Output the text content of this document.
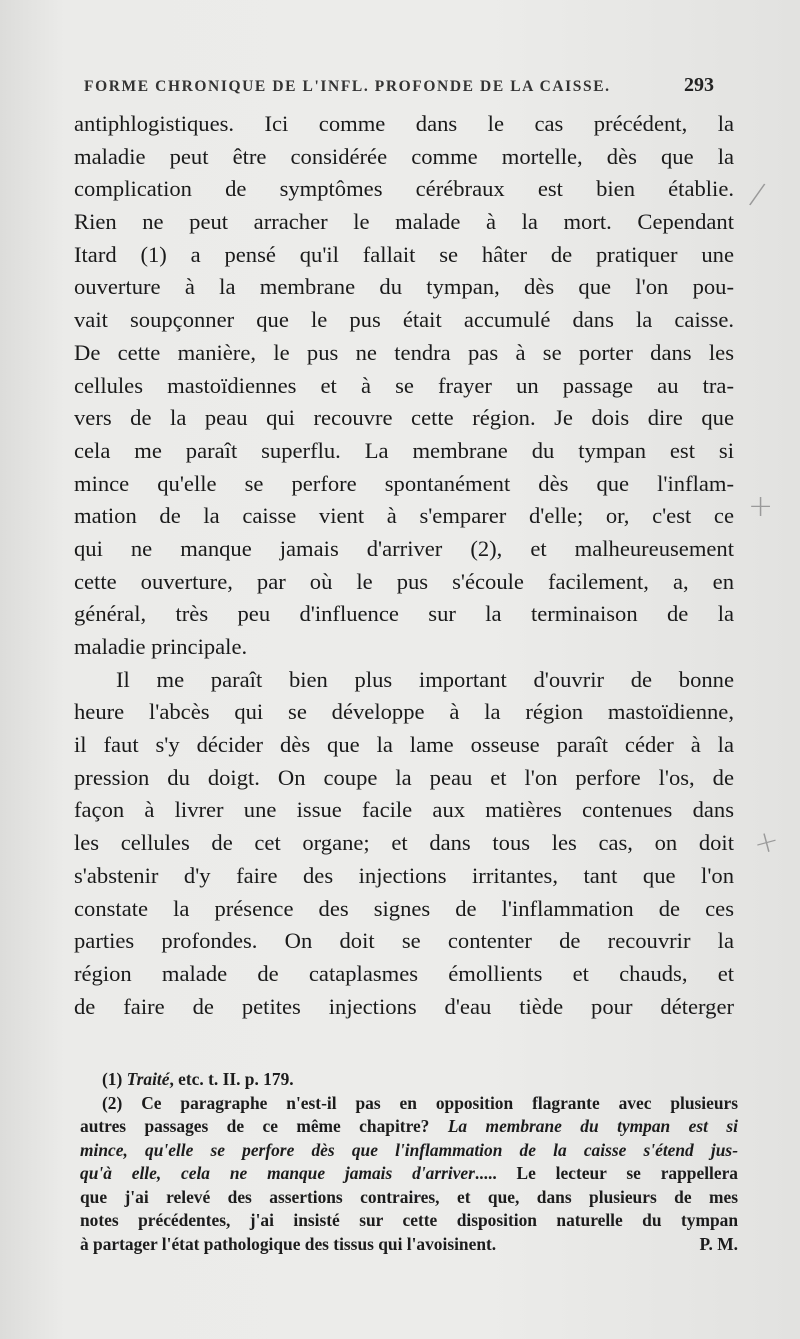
FORME CHRONIQUE DE L'INFL. PROFONDE DE LA CAISSE.	293
antiphlogistiques. Ici comme dans le cas précédent, la
maladie peut être considérée comme mortelle, dès que la
complication de symptômes cérébraux est bien établie.
Rien ne peut arracher le malade à la mort. Cependant
Itard (1) a pensé qu'il fallait se hâter de pratiquer une
ouverture à la membrane du tympan, dès que l'on pou-
vait soupçonner que le pus était accumulé dans la caisse.
De cette manière, le pus ne tendra pas à se porter dans les
cellules mastoïdiennes et à se frayer un passage au tra-
vers de la peau qui recouvre cette région. Je dois dire que
cela me paraît superflu. La membrane du tympan est si
mince qu'elle se perfore spontanément dès que l'inflam-
mation de la caisse vient à s'emparer d'elle; or, c'est ce
qui ne manque jamais d'arriver (2), et malheureusement
cette ouverture, par où le pus s'écoule facilement, a, en
général, très peu d'influence sur la terminaison de la
maladie principale.
Il me paraît bien plus important d'ouvrir de bonne
heure l'abcès qui se développe à la région mastoïdienne,
il faut s'y décider dès que la lame osseuse paraît céder à la
pression du doigt. On coupe la peau et l'on perfore l'os, de
façon à livrer une issue facile aux matières contenues dans
les cellules de cet organe; et dans tous les cas, on doit
s'abstenir d'y faire des injections irritantes, tant que l'on
constate la présence des signes de l'inflammation de ces
parties profondes. On doit se contenter de recouvrir la
région malade de cataplasmes émollients et chauds, et
de faire de petites injections d'eau tiède pour déterger
(1) Traité, etc. t. II. p. 179.
(2) Ce paragraphe n'est-il pas en opposition flagrante avec plusieurs
autres passages de ce même chapitre? La membrane du tympan est si
mince, qu'elle se perfore dès que l'inflammation de la caisse s'étend jus-
qu'à elle, cela ne manque jamais d'arriver..... Le lecteur se rappellera
que j'ai relevé des assertions contraires, et que, dans plusieurs de mes
notes précédentes, j'ai insisté sur cette disposition naturelle du tympan
à partager l'état pathologique des tissus qui l'avoisinent.	P. M.
/
+
+
